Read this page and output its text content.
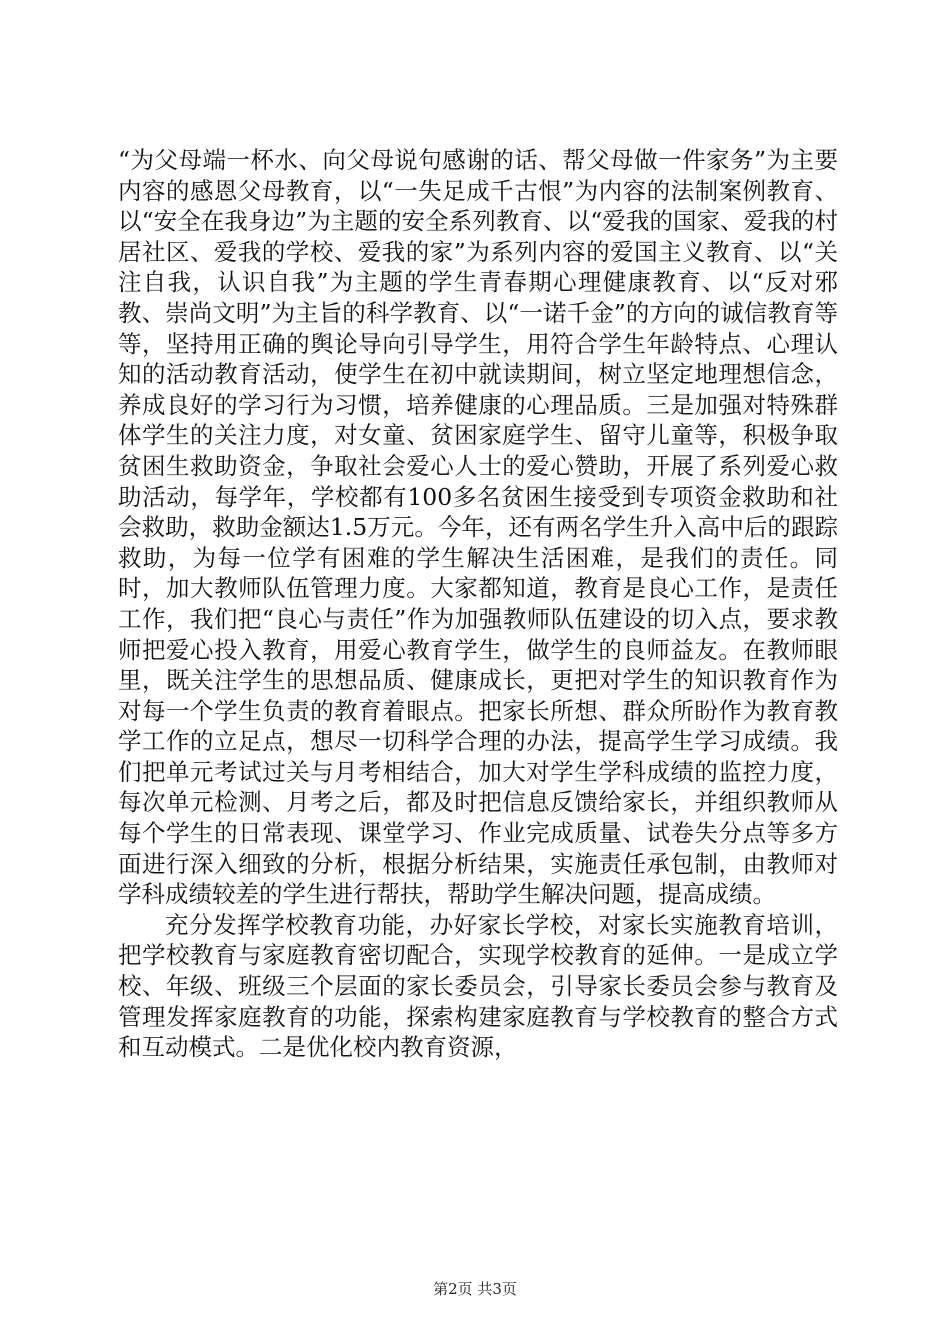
“为父母端一杯水、向父母说句感谢的话、帮父母做一件家务”为主要内容的感恩父母教育，以“一失足成千古恨”为内容的法制案例教育、以“安全在我身边”为主题的安全系列教育、以“爱我的国家、爱我的村居社区、爱我的学校、爱我的家”为系列内容的爱国主义教育、以“关注自我，认识自我”为主题的学生青春期心理健康教育、以“反对邪教、崇尚文明”为主旨的科学教育、以“一诺千金”的方向的诚信教育等等，坚持用正确的舆论导向引导学生，用符合学生年龄特点、心理认知的活动教育活动，使学生在初中就读期间，树立坚定地理想信念，养成良好的学习行为习惯，培养健康的心理品质。三是加强对特殊群体学生的关注力度，对女童、贫困家庭学生、留守儿童等，积极争取贫困生救助资金，争取社会爱心人士的爱心赞助，开展了系列爱心救助活动，每学年，学校都有100多名贫困生接受到专项资金救助和社会救助，救助金额达1.5万元。今年，还有两名学生升入高中后的跟踪救助，为每一位学有困难的学生解决生活困难，是我们的责任。同时，加大教师队伍管理力度。大家都知道，教育是良心工作，是责任工作，我们把“良心与责任”作为加强教师队伍建设的切入点，要求教师把爱心投入教育，用爱心教育学生，做学生的良师益友。在教师眼里，既关注学生的思想品质、健康成长，更把对学生的知识教育作为对每一个学生负责的教育着眼点。把家长所想、群众所盼作为教育教学工作的立足点，想尽一切科学合理的办法，提高学生学习成绩。我们把单元考试过关与月考相结合，加大对学生学科成绩的监控力度，每次单元检测、月考之后，都及时把信息反馈给家长，并组织教师从每个学生的日常表现、课堂学习、作业完成质量、试卷失分点等多方面进行深入细致的分析，根据分析结果，实施责任承包制，由教师对学科成绩较差的学生进行帮扶，帮助学生解决问题，提高成绩。

充分发挥学校教育功能，办好家长学校，对家长实施教育培训，把学校教育与家庭教育密切配合，实现学校教育的延伸。一是成立学校、年级、班级三个层面的家长委员会，引导家长委员会参与教育及管理发挥家庭教育的功能，探索构建家庭教育与学校教育的整合方式和互动模式。二是优化校内教育资源，

第2页 共3页
